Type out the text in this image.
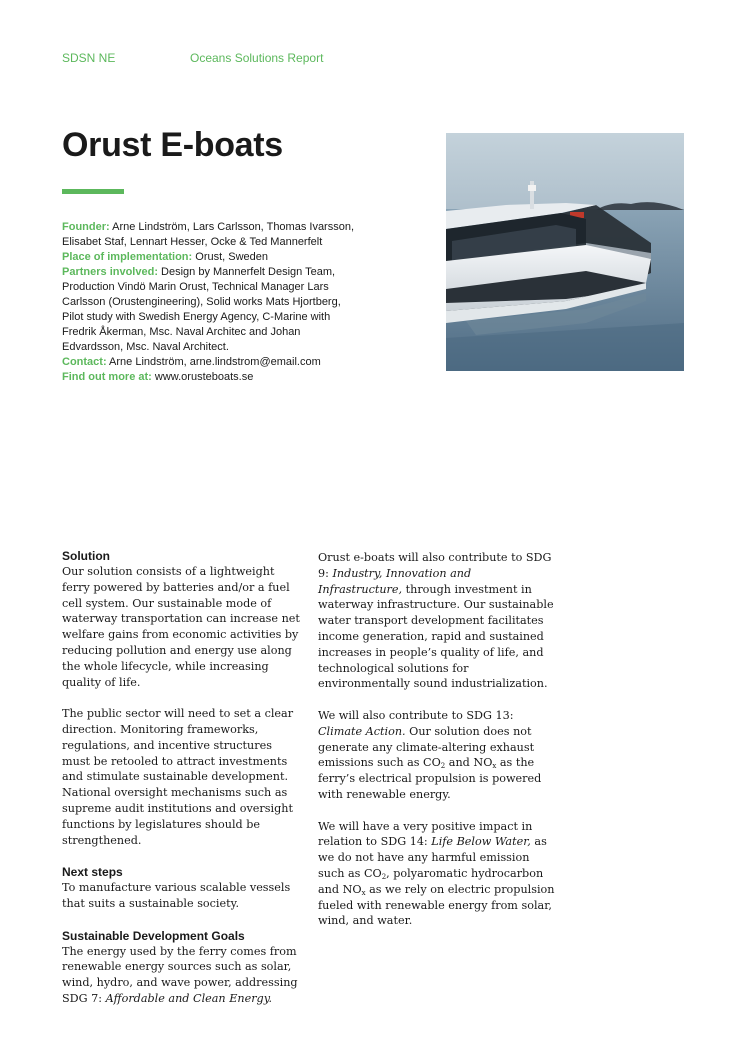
SDSN NE	Oceans Solutions Report
Orust E-boats
Founder: Arne Lindström, Lars Carlsson, Thomas Ivarsson, Elisabet Staf, Lennart Hesser, Ocke & Ted Mannerfelt
Place of implementation: Orust, Sweden
Partners involved: Design by Mannerfelt Design Team, Production Vindö Marin Orust, Technical Manager Lars Carlsson (Orustengineering), Solid works Mats Hjortberg, Pilot study with Swedish Energy Agency, C-Marine with Fredrik Åkerman, Msc. Naval Architec and Johan Edvardsson, Msc. Naval Architect.
Contact: Arne Lindström, arne.lindstrom@email.com
Find out more at: www.orusteboats.se
Solution

Our solution consists of a lightweight ferry powered by batteries and/or a fuel cell system. Our sustainable mode of waterway transportation can increase net welfare gains from economic activities by reducing pollution and energy use along the whole lifecycle, while increasing quality of life.

The public sector will need to set a clear direction. Monitoring frameworks, regulations, and incentive structures must be retooled to attract investments and stimulate sustainable development. National oversight mechanisms such as supreme audit institutions and oversight functions by legislatures should be strengthened.

Next steps

To manufacture various scalable vessels that suits a sustainable society.

Sustainable Development Goals

The energy used by the ferry comes from renewable energy sources such as solar, wind, hydro, and wave power, addressing SDG 7: Affordable and Clean Energy.

Orust e-boats will also contribute to SDG 9: Industry, Innovation and Infrastructure, through investment in waterway infrastructure. Our sustainable water transport development facilitates income generation, rapid and sustained increases in people’s quality of life, and technological solutions for environmentally sound industrialization.

We will also contribute to SDG 13: Climate Action. Our solution does not generate any climate-altering exhaust emissions such as $CO_2$ and $NO_x$ as the ferry’s electrical propulsion is powered with renewable energy.

We will have a very positive impact in relation to SDG 14: Life Below Water, as we do not have any harmful emission such as $CO_2$, polyaromatic hydrocarbon and $NO_x$ as we rely on electric propulsion fueled with renewable energy from solar, wind, and water.
